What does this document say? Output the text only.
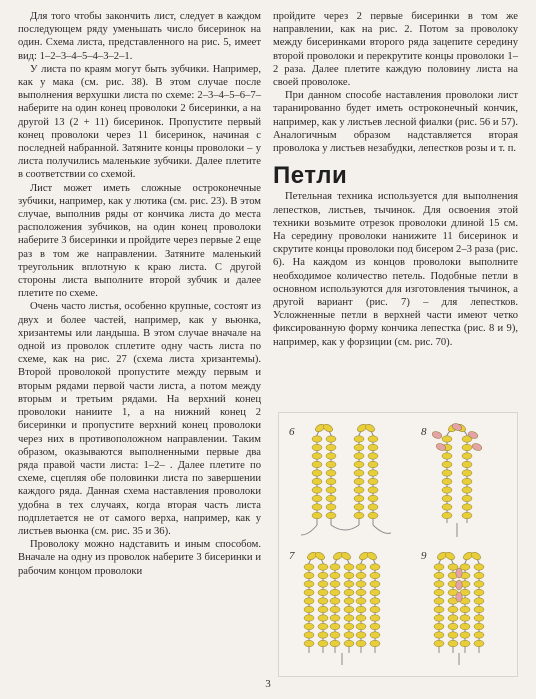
Для того чтобы закончить лист, следует в каждом последующем ряду уменьшать число бисеринок на один. Схема листа, представленного на рис. 5, имеет вид: 1–2–3–4–5–4–3–2–1.

У листа по краям могут быть зубчики. Например, как у мака (см. рис. 38). В этом случае после выполнения верхушки листа по схеме: 2–3–4–5–6–7– наберите на один конец проволоки 2 бисеринки, а на другой 13 (2 + 11) бисеринок. Пропустите первый конец проволоки через 11 бисеринок, начиная с последней набранной. Затяните концы проволоки – у листа получились маленькие зубчики. Далее плетите в соответствии со схемой.

Лист может иметь сложные остроконечные зубчики, например, как у лютика (см. рис. 23). В этом случае, выполнив ряды от кончика листа до места расположения зубчиков, на один конец проволоки наберите 3 бисеринки и пройдите через первые 2 еще раз в том же направлении. Затяните маленький треугольник вплотную к краю листа. С другой стороны листа выполните второй зубчик и далее плетите по схеме.

Очень часто листья, особенно крупные, состоят из двух и более частей, например, как у вьюнка, хризантемы или ландыша. В этом случае вначале на одной из проволок сплетите одну часть листа по схеме, как на рис. 27 (схема листа хризантемы). Второй проволокой пропустите между первым и вторым рядами первой части листа, а потом между вторым и третьим рядами. На верхний конец проволоки наниите 1, а на нижний конец 2 бисеринки и пропустите верхний конец проволоки через них в противоположном направлении. Таким образом, оказываются выполненными первые два ряда правой части листа: 1–2– . Далее плетите по схеме, сцепляя обе половинки листа по завершении каждого ряда. Данная схема наставления проволоки удобна в тех случаях, когда вторая часть листа подплетается не от самого верха, например, как у листьев вьюнка (см. рис. 35 и 36).

Проволоку можно надставить и иным способом. Вначале на одну из проволок наберите 3 бисеринки и рабочим концом проволоки

пройдите через 2 первые бисеринки в том же направлении, как на рис. 2. Потом за проволоку между бисеринками второго ряда зацепите середину второй проволоки и перекрутите концы проволоки 1–2 раза. Далее плетите каждую половину листа на своей проволоке.

При данном способе наставления проволоки лист таранированно будет иметь остроконечный кончик, например, как у листьев лесной фиалки (рис. 56 и 57). Аналогичным образом надставляется вторая проволока у листьев незабудки, лепестков розы и т. п.

Петли

Петельная техника используется для выполнения лепестков, листьев, тычинок. Для освоения этой техники возьмите отрезок проволоки длиной 15 см. На середину проволоки нанижите 11 бисеринок и скрутите концы проволоки под бисером 2–3 раза (рис. 6). На каждом из концов проволоки выполните необходимое количество петель. Подобные петли в основном используются для изготовления тычинок, а другой вариант (рис. 7) – для лепестков. Усложненные петли в верхней части имеют четко фиксированную форму кончика лепестка (рис. 8 и 9), например, как у форзиции (см. рис. 70).

6	8
7	9
3
